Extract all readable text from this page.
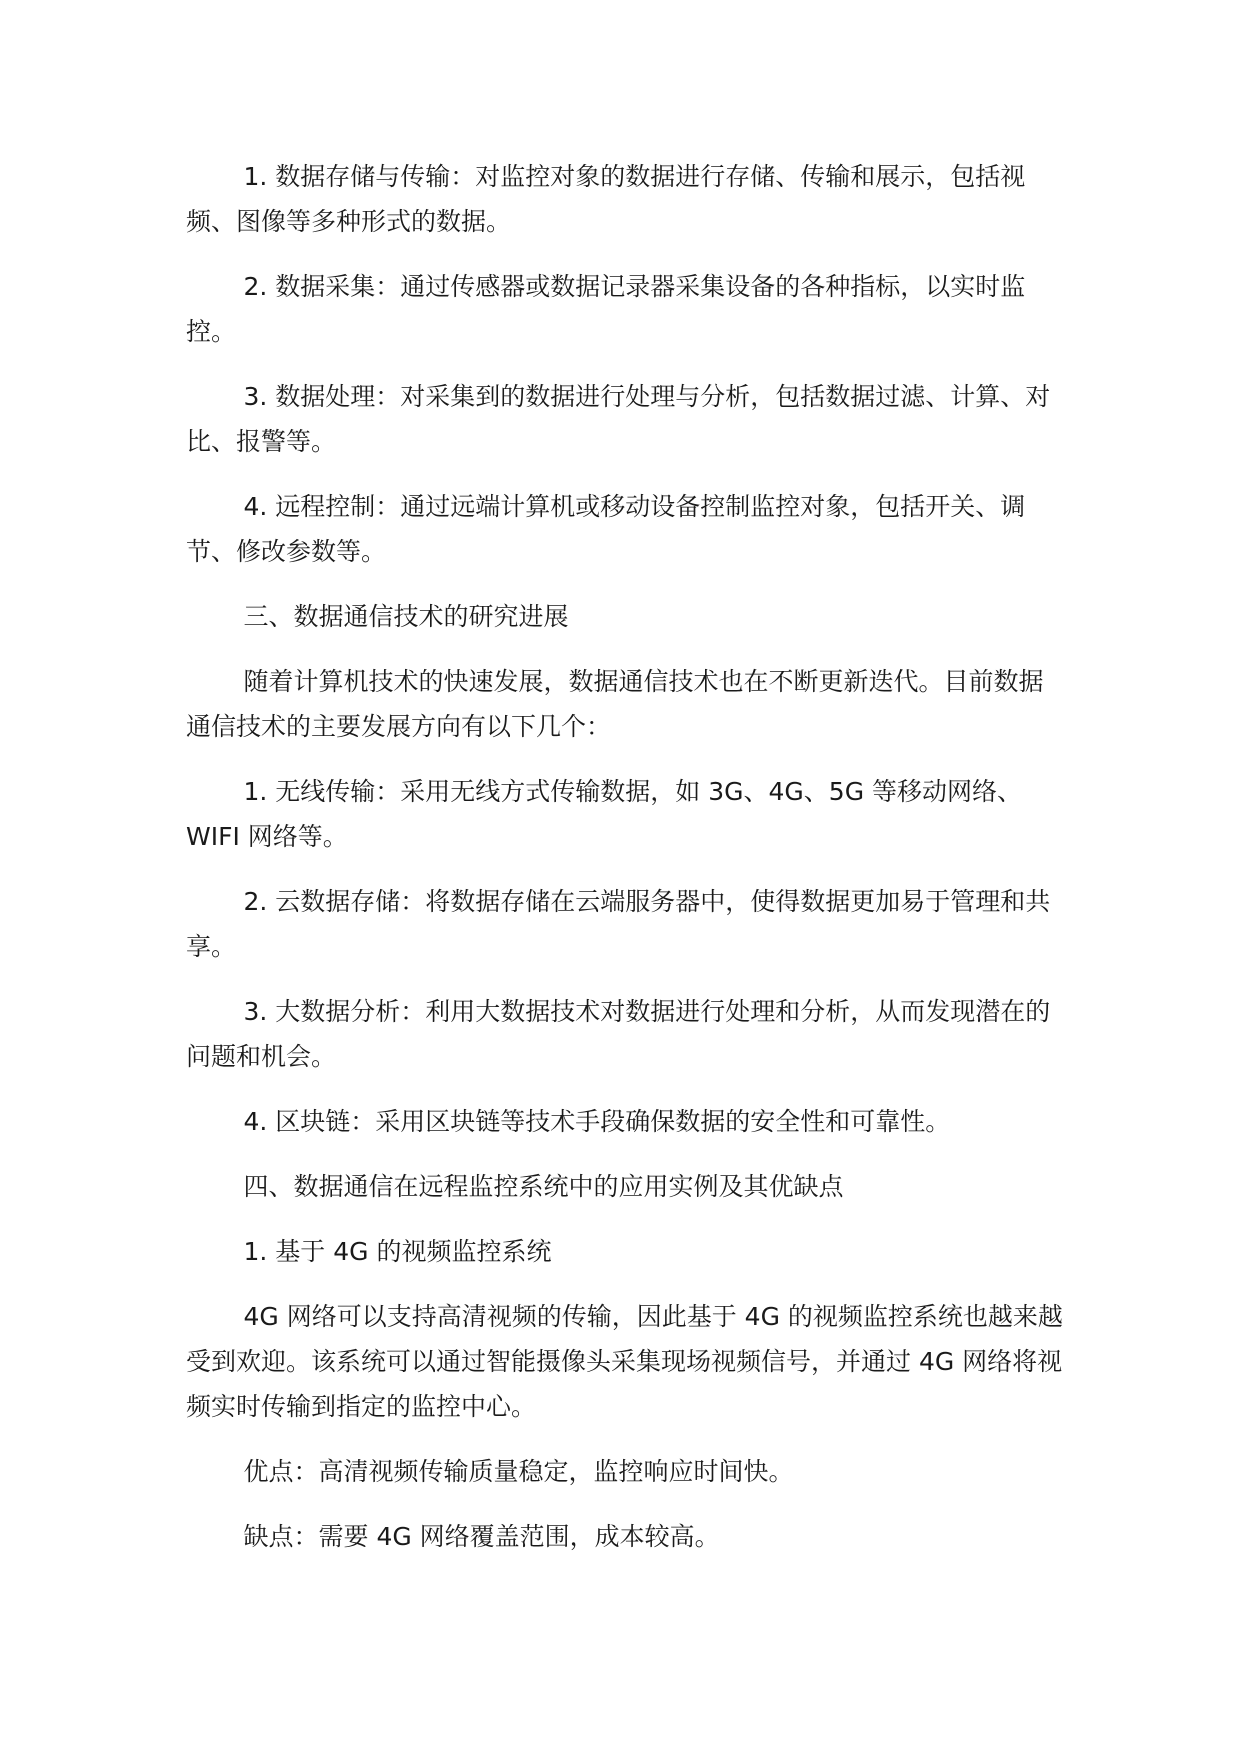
1. 数据存储与传输：对监控对象的数据进行存储、传输和展示，包括视频、图像等多种形式的数据。

2. 数据采集：通过传感器或数据记录器采集设备的各种指标，以实时监控。

3. 数据处理：对采集到的数据进行处理与分析，包括数据过滤、计算、对比、报警等。

4. 远程控制：通过远端计算机或移动设备控制监控对象，包括开关、调节、修改参数等。

三、数据通信技术的研究进展

随着计算机技术的快速发展，数据通信技术也在不断更新迭代。目前数据通信技术的主要发展方向有以下几个：

1. 无线传输：采用无线方式传输数据，如 3G、4G、5G 等移动网络、WIFI 网络等。

2. 云数据存储：将数据存储在云端服务器中，使得数据更加易于管理和共享。

3. 大数据分析：利用大数据技术对数据进行处理和分析，从而发现潜在的问题和机会。

4. 区块链：采用区块链等技术手段确保数据的安全性和可靠性。

四、数据通信在远程监控系统中的应用实例及其优缺点

1. 基于 4G 的视频监控系统

4G 网络可以支持高清视频的传输，因此基于 4G 的视频监控系统也越来越受到欢迎。该系统可以通过智能摄像头采集现场视频信号，并通过 4G 网络将视频实时传输到指定的监控中心。

优点：高清视频传输质量稳定，监控响应时间快。

缺点：需要 4G 网络覆盖范围，成本较高。
